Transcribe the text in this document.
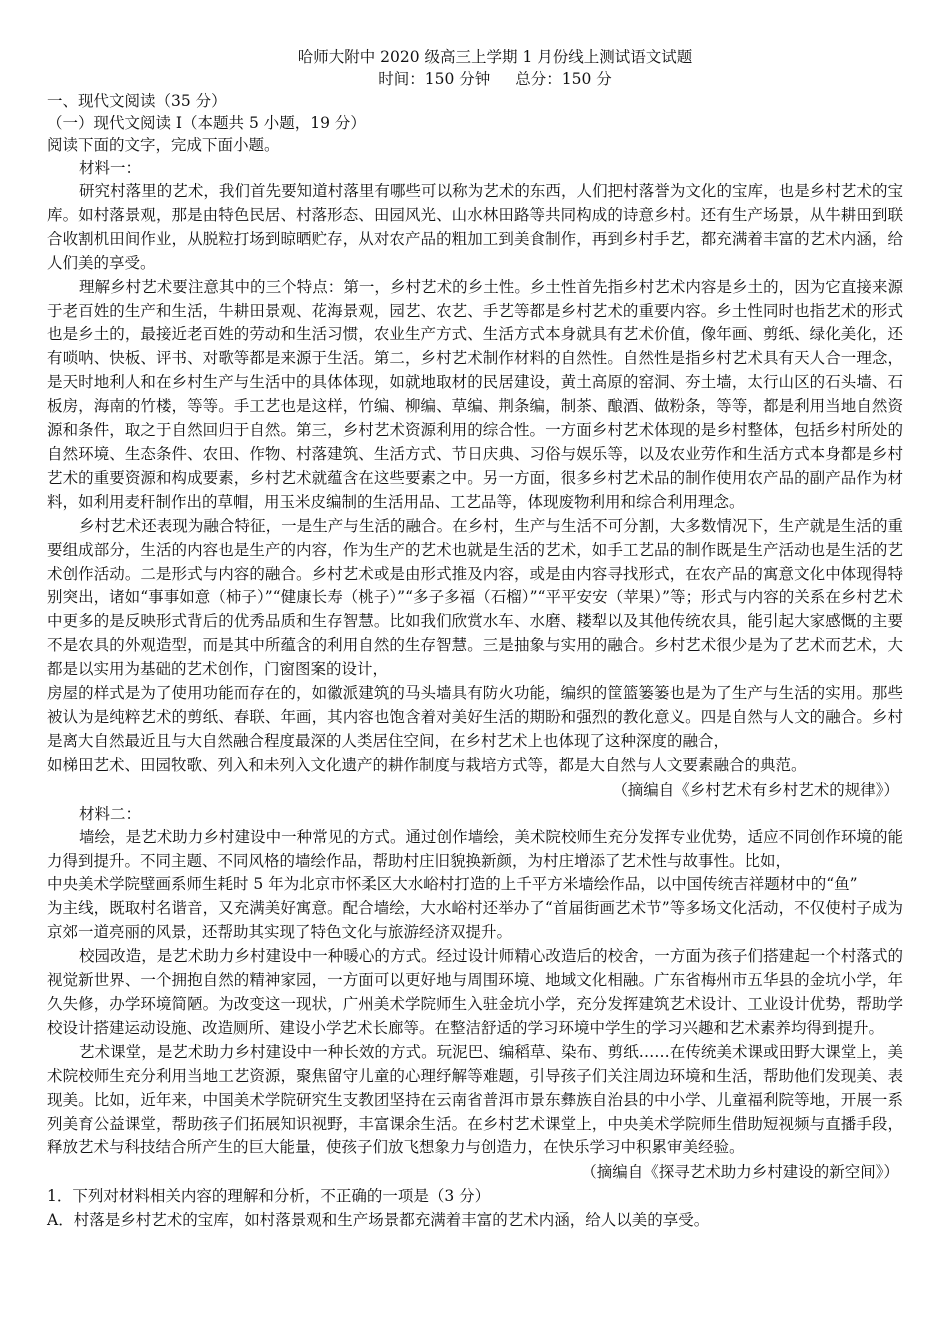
哈师大附中 2020 级高三上学期 1 月份线上测试语文试题
时间：150 分钟 总分：150 分
一、现代文阅读（35 分）
（一）现代文阅读 I（本题共 5 小题，19 分）
阅读下面的文字，完成下面小题。
材料一：
研究村落里的艺术，我们首先要知道村落里有哪些可以称为艺术的东西，人们把村落誉为文化的宝库，也是乡村艺术的宝库。如村落景观，那是由特色民居、村落形态、田园风光、山水林田路等共同构成的诗意乡村。还有生产场景，从牛耕田到联合收割机田间作业，从脱粒打场到晾晒贮存，从对农产品的粗加工到美食制作，再到乡村手艺，都充满着丰富的艺术内涵，给人们美的享受。
理解乡村艺术要注意其中的三个特点：第一，乡村艺术的乡土性。乡土性首先指乡村艺术内容是乡土的，因为它直接来源于老百姓的生产和生活，牛耕田景观、花海景观，园艺、农艺、手艺等都是乡村艺术的重要内容。乡土性同时也指艺术的形式也是乡土的，最接近老百姓的劳动和生活习惯，农业生产方式、生活方式本身就具有艺术价值，像年画、剪纸、绿化美化，还有唢呐、快板、评书、对歌等都是来源于生活。第二，乡村艺术制作材料的自然性。自然性是指乡村艺术具有天人合一理念，是天时地利人和在乡村生产与生活中的具体体现，如就地取材的民居建设，黄土高原的窑洞、夯土墙，太行山区的石头墙、石板房，海南的竹楼，等等。手工艺也是这样，竹编、柳编、草编、荆条编，制茶、酿酒、做粉条，等等，都是利用当地自然资源和条件，取之于自然回归于自然。第三，乡村艺术资源利用的综合性。一方面乡村艺术体现的是乡村整体，包括乡村所处的自然环境、生态条件、农田、作物、村落建筑、生活方式、节日庆典、习俗与娱乐等，以及农业劳作和生活方式本身都是乡村艺术的重要资源和构成要素，乡村艺术就蕴含在这些要素之中。另一方面，很多乡村艺术品的制作使用农产品的副产品作为材料，如利用麦秆制作出的草帽，用玉米皮编制的生活用品、工艺品等，体现废物利用和综合利用理念。
乡村艺术还表现为融合特征，一是生产与生活的融合。在乡村，生产与生活不可分割，大多数情况下，生产就是生活的重要组成部分，生活的内容也是生产的内容，作为生产的艺术也就是生活的艺术，如手工艺品的制作既是生产活动也是生活的艺术创作活动。二是形式与内容的融合。乡村艺术或是由形式推及内容，或是由内容寻找形式，在农产品的寓意文化中体现得特别突出，诸如“事事如意（柿子）”“健康长寿（桃子）”“多子多福（石榴）”“平平安安（苹果）”等；形式与内容的关系在乡村艺术中更多的是反映形式背后的优秀品质和生存智慧。比如我们欣赏水车、水磨、耧犁以及其他传统农具，能引起大家感慨的主要不是农具的外观造型，而是其中所蕴含的利用自然的生存智慧。三是抽象与实用的融合。乡村艺术很少是为了艺术而艺术，大都是以实用为基础的艺术创作，门窗图案的设计，
房屋的样式是为了使用功能而存在的，如徽派建筑的马头墙具有防火功能，编织的筐篮篓篓也是为了生产与生活的实用。那些被认为是纯粹艺术的剪纸、春联、年画，其内容也饱含着对美好生活的期盼和强烈的教化意义。四是自然与人文的融合。乡村是离大自然最近且与大自然融合程度最深的人类居住空间，在乡村艺术上也体现了这种深度的融合，
如梯田艺术、田园牧歌、列入和未列入文化遗产的耕作制度与栽培方式等，都是大自然与人文要素融合的典范。
（摘编自《乡村艺术有乡村艺术的规律》）
材料二：
墙绘，是艺术助力乡村建设中一种常见的方式。通过创作墙绘，美术院校师生充分发挥专业优势，适应不同创作环境的能力得到提升。不同主题、不同风格的墙绘作品，帮助村庄旧貌换新颜，为村庄增添了艺术性与故事性。比如，
中央美术学院壁画系师生耗时 5 年为北京市怀柔区大水峪村打造的上千平方米墙绘作品，以中国传统吉祥题材中的“鱼”
为主线，既取村名谐音，又充满美好寓意。配合墙绘，大水峪村还举办了“首届街画艺术节”等多场文化活动，不仅使村子成为京郊一道亮丽的风景，还帮助其实现了特色文化与旅游经济双提升。
校园改造，是艺术助力乡村建设中一种暖心的方式。经过设计师精心改造后的校舍，一方面为孩子们搭建起一个村落式的视觉新世界、一个拥抱自然的精神家园，一方面可以更好地与周围环境、地域文化相融。广东省梅州市五华县的金坑小学，年久失修，办学环境简陋。为改变这一现状，广州美术学院师生入驻金坑小学，充分发挥建筑艺术设计、工业设计优势，帮助学校设计搭建运动设施、改造厕所、建设小学艺术长廊等。在整洁舒适的学习环境中学生的学习兴趣和艺术素养均得到提升。
艺术课堂，是艺术助力乡村建设中一种长效的方式。玩泥巴、编稻草、染布、剪纸……在传统美术课或田野大课堂上，美术院校师生充分利用当地工艺资源，聚焦留守儿童的心理纾解等难题，引导孩子们关注周边环境和生活，帮助他们发现美、表现美。比如，近年来，中国美术学院研究生支教团坚持在云南省普洱市景东彝族自治县的中小学、儿童福利院等地，开展一系列美育公益课堂，帮助孩子们拓展知识视野，丰富课余生活。在乡村艺术课堂上，中央美术学院师生借助短视频与直播手段，释放艺术与科技结合所产生的巨大能量，使孩子们放飞想象力与创造力，在快乐学习中积累审美经验。
（摘编自《探寻艺术助力乡村建设的新空间》）
1．下列对材料相关内容的理解和分析，不正确的一项是（3 分）
A．村落是乡村艺术的宝库，如村落景观和生产场景都充满着丰富的艺术内涵，给人以美的享受。
